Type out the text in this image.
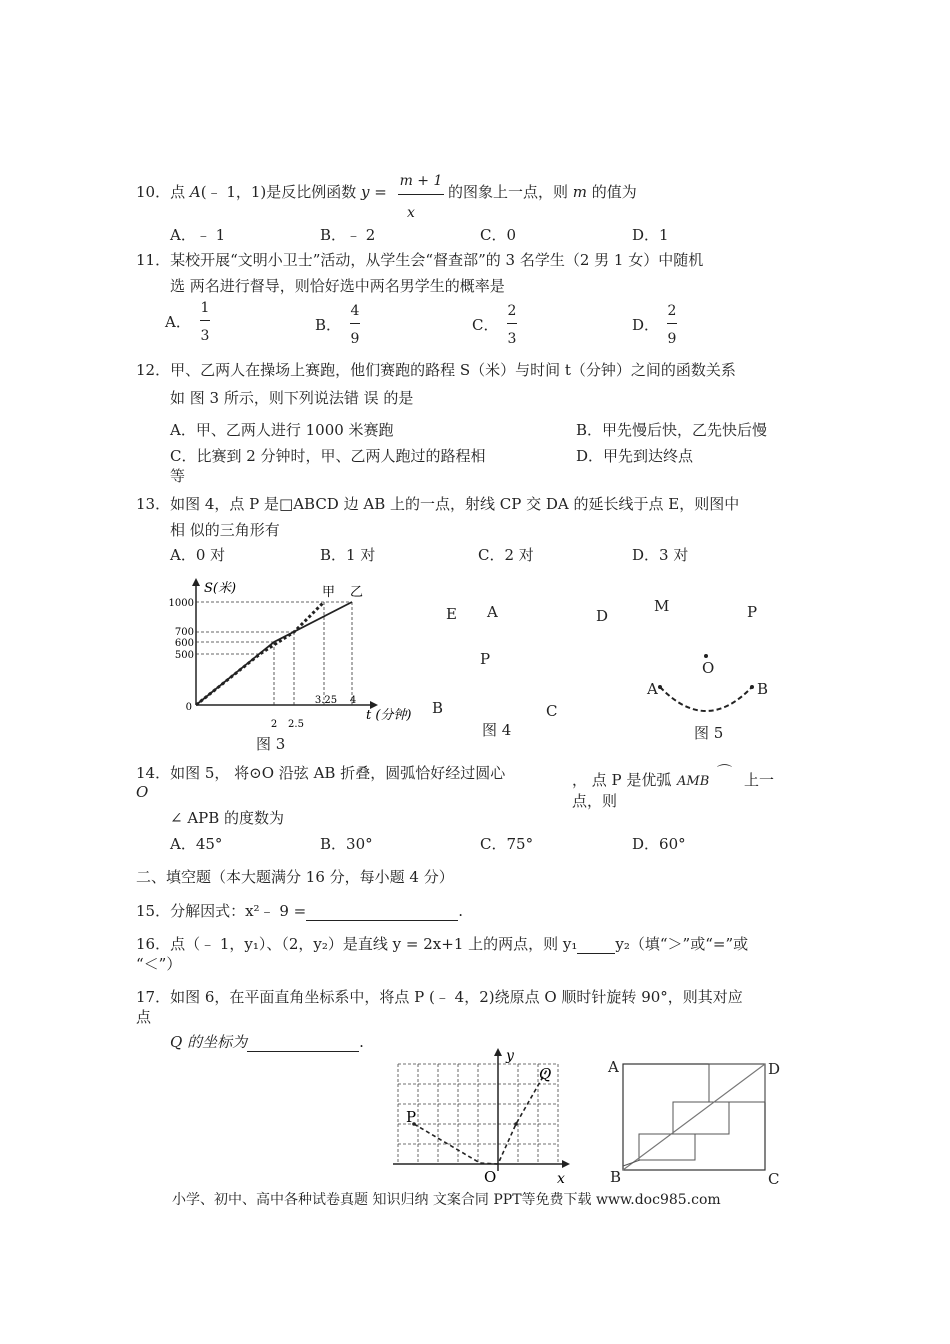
10．点 A(﹣ 1，1)是反比例函数 y =
m + 1
x
的图象上一点，则 m 的值为
A．﹣ 1	B．﹣ 2	C．0	D．1
11．某校开展“文明小卫士”活动，从学生会“督查部”的 3 名学生（2 男 1 女）中随机
选 两名进行督导，则恰好选中两名男学生的概率是
A．
1
3
B．
4
9
C．
2
3
D．
2
9
12．甲、乙两人在操场上赛跑，他们赛跑的路程 S（米）与时间 t（分钟）之间的函数关系
如 图 3 所示，则下列说法错 误 的是
A．甲、乙两人进行 1000 米赛跑	B．甲先慢后快，乙先快后慢
C．比赛到 2 分钟时，甲、乙两人跑过的路程相
等
D．甲先到达终点
13．如图 4，点 P 是□ABCD 边 AB 上的一点，射线 CP 交 DA 的延长线于点 E，则图中
相 似的三角形有
A．0 对	B．1 对	C．2 对	D．3 对
S(米)	甲 乙
1000
700
600
500
0
2 2.5
3.25 4
t (分钟)
图 3
E A	D
P
B	C
图 4
M	P
O
A	B
图 5
14．如图 5， 将⊙O 沿弦 AB 折叠，圆弧恰好经过圆心
O
， 点 P 是优弧 AMB
⌒ 上一
点，则
∠ APB 的度数为
A．45°	B．30°	C．75°	D．60°
二、填空题（本大题满分 16 分，每小题 4 分）
15．分解因式：x²﹣ 9 =	.
16．点（﹣ 1，y₁）、（2，y₂）是直线 y = 2x+1 上的两点，则 y₁	y₂（填“＞”或“=”或
“＜”）
17．如图 6，在平面直角坐标系中，将点 P (﹣ 4，2)绕原点 O 顺时针旋转 90°，则其对应
点
Q 的坐标为	.
y
x
O
P
Q	A	D
B	C
小学、初中、高中各种试卷真题 知识归纳 文案合同 PPT等免费下载 www.doc985.com
